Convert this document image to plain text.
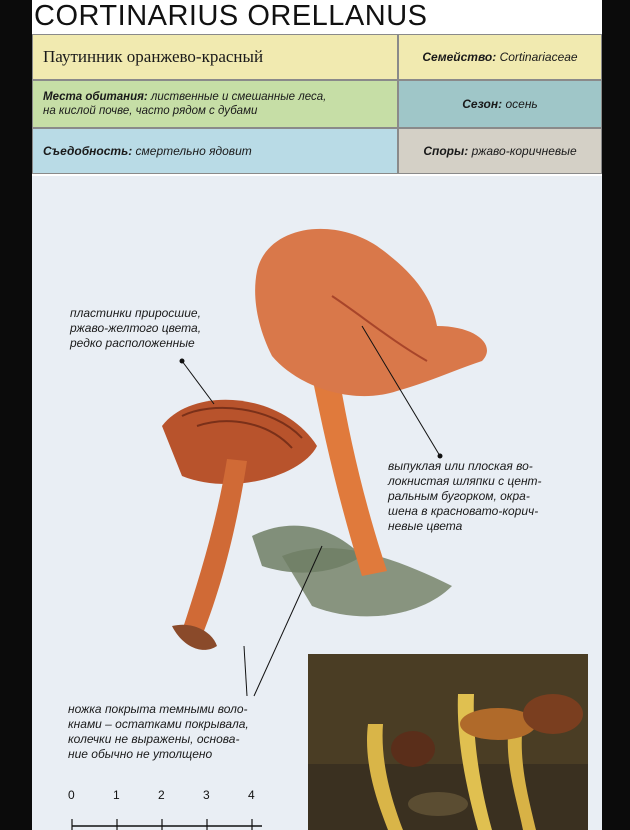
CORTINARIUS ORELLANUS
Паутинник оранжево-красный	Семейство:
Cortinariaceae
Места обитания: лиственные и смешанные леса,
на кислой почве, часто рядом с дубами	Сезон:
осень
Съедобность:
смертельно ядовит	Споры:
ржаво-коричневые
пластинки приросшие,
ржаво-желтого цвета,
редко расположенные
выпуклая или плоская во-
локнистая шляпки с цент-
ральным бугорком, окра-
шена в красновато-корич-
невые цвета
ножка покрыта темными воло-
кнами – остатками покрывала,
колечки не выражены, основа-
ние обычно не утолщено
0	1	2	3	4
